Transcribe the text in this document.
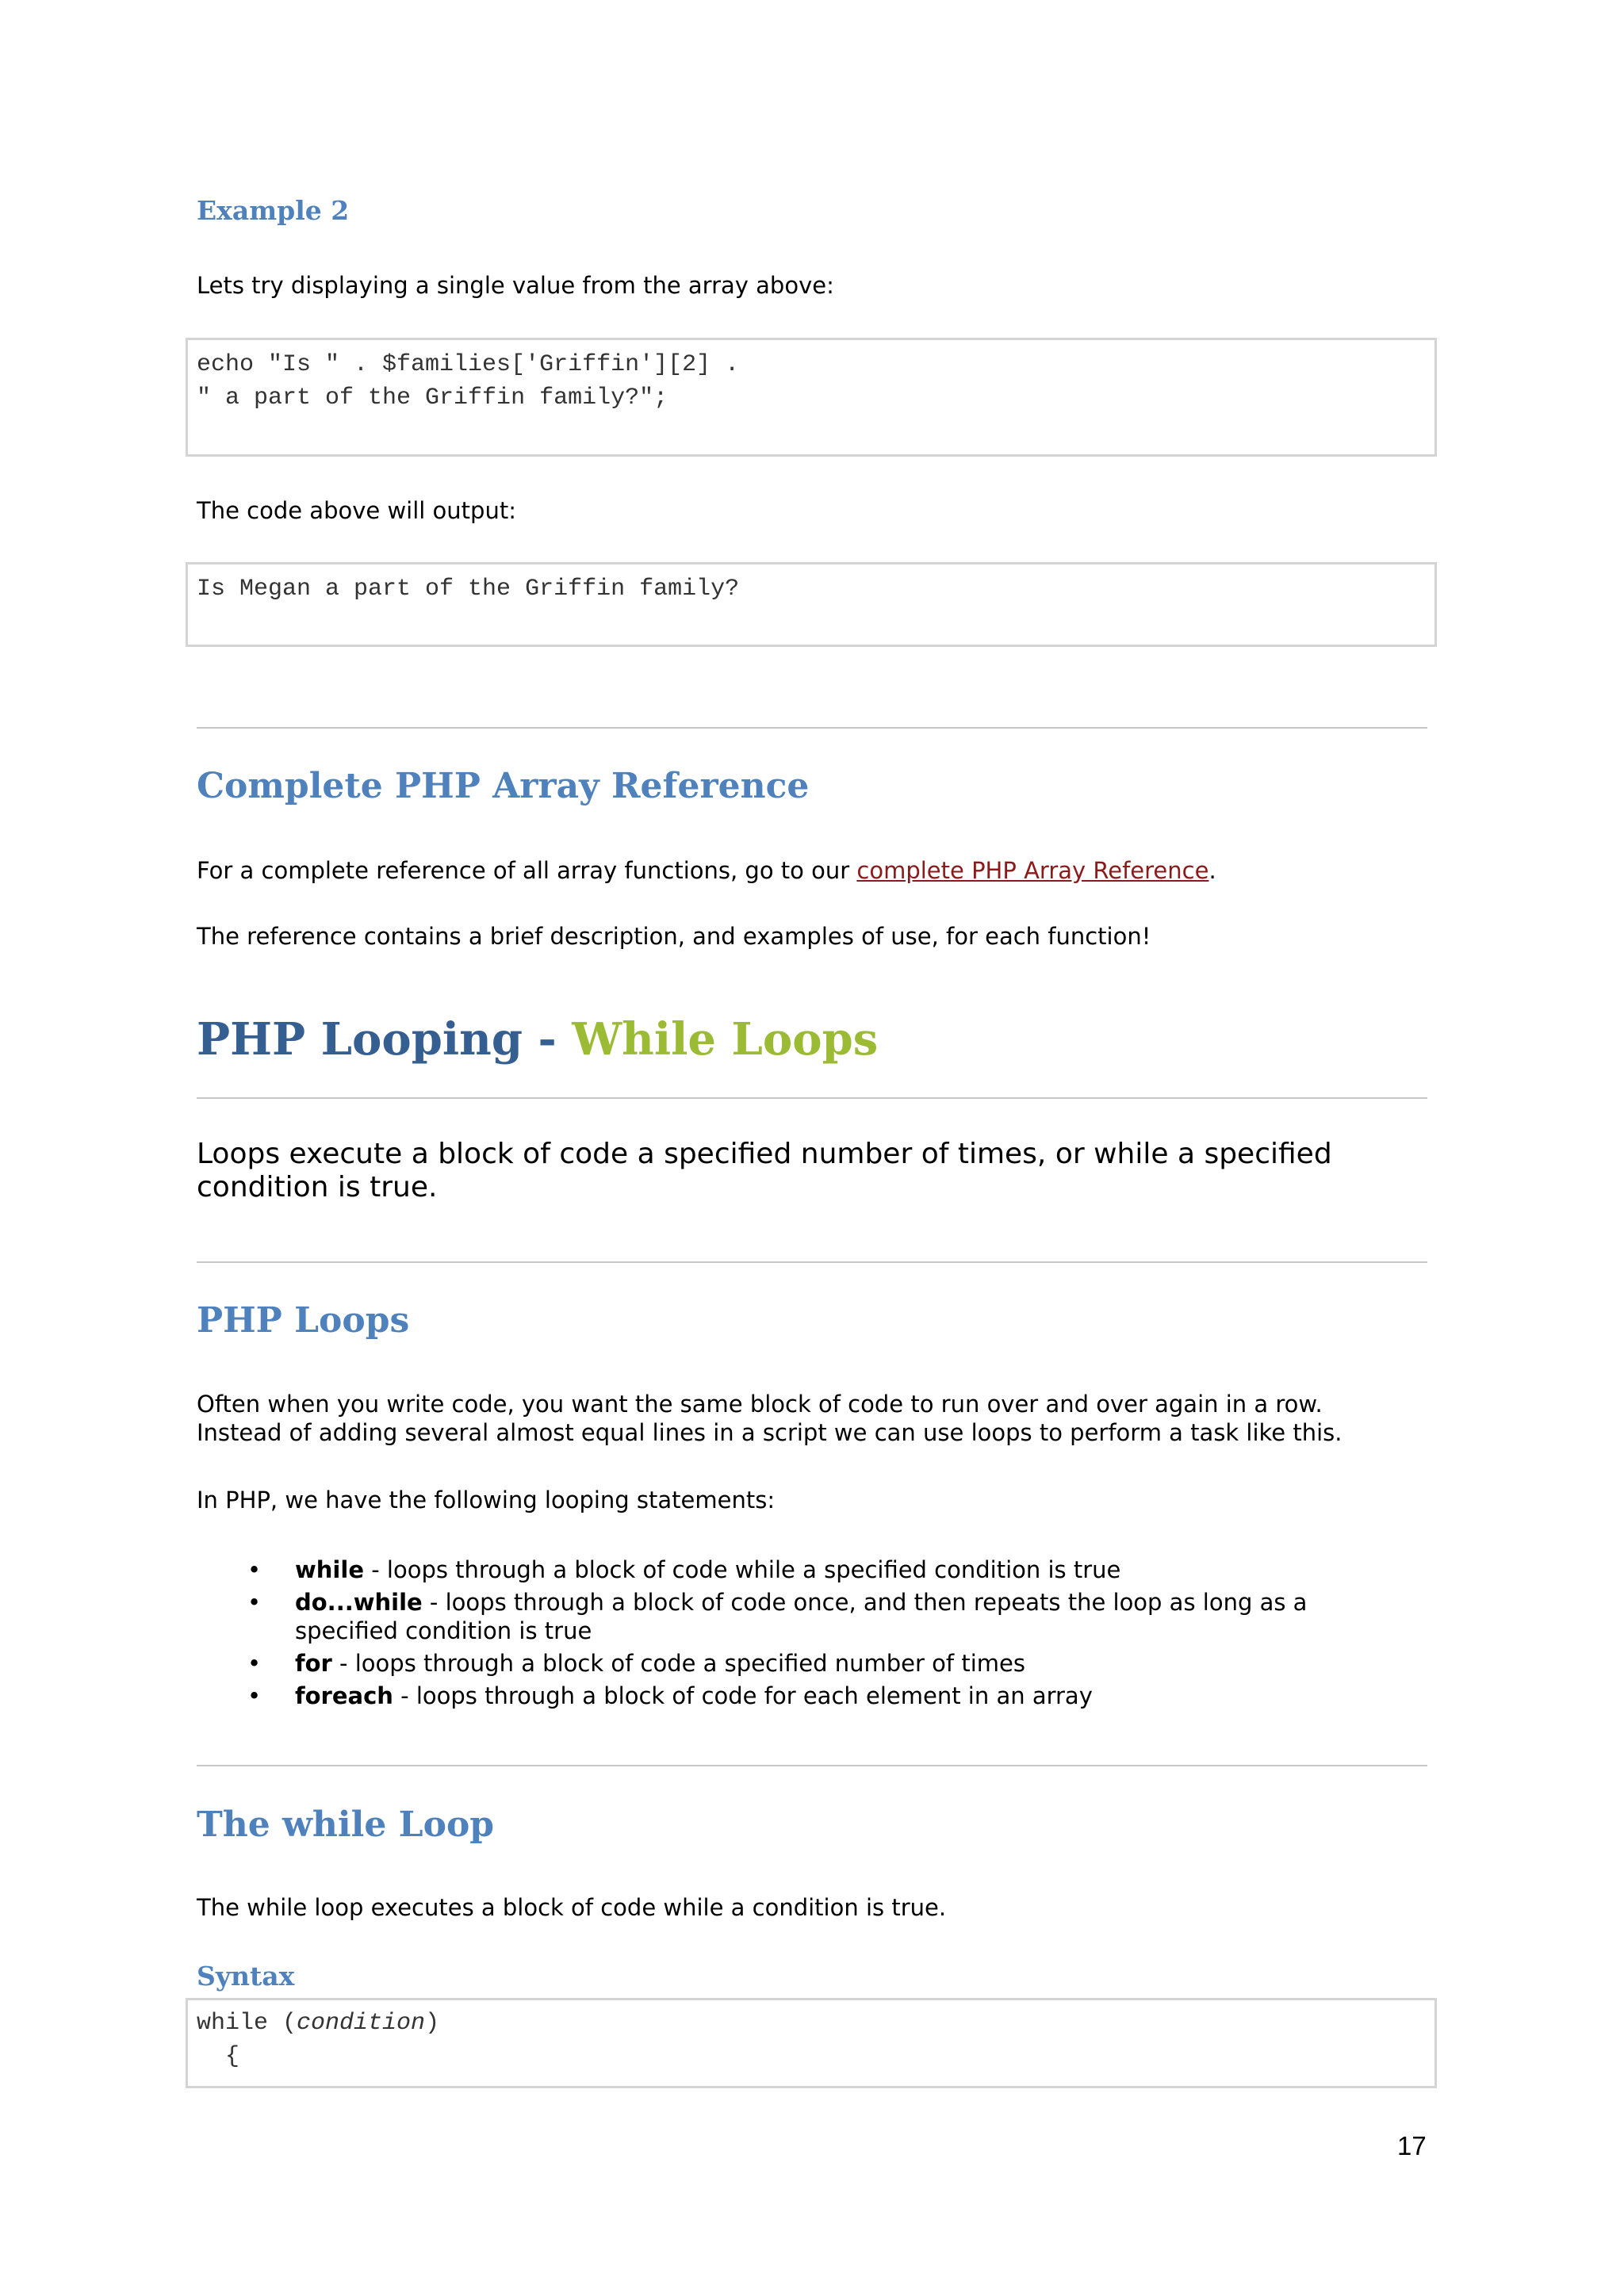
Example 2
Lets try displaying a single value from the array above:
echo "Is " . $families['Griffin'][2] .
" a part of the Griffin family?";
The code above will output:
Is Megan a part of the Griffin family?
Complete PHP Array Reference
For a complete reference of all array functions, go to our complete PHP Array Reference.
The reference contains a brief description, and examples of use, for each function!
PHP Looping - While Loops
Loops execute a block of code a specified number of times, or while a specified condition is true.
PHP Loops
Often when you write code, you want the same block of code to run over and over again in a row.
Instead of adding several almost equal lines in a script we can use loops to perform a task like this.
In PHP, we have the following looping statements:
• while - loops through a block of code while a specified condition is true
• do...while - loops through a block of code once, and then repeats the loop as long as a specified condition is true
• for - loops through a block of code a specified number of times
• foreach - loops through a block of code for each element in an array
The while Loop
The while loop executes a block of code while a condition is true.
Syntax
while (condition)
{
17
